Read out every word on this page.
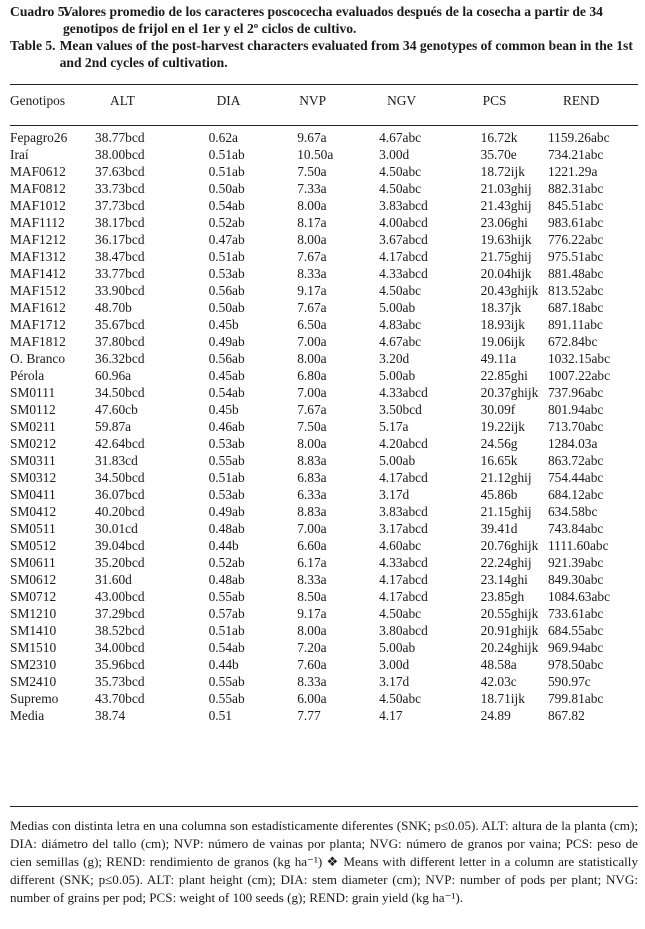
Cuadro 5.
Valores promedio de los caracteres poscocecha evaluados después de la cosecha a partir de 34 genotipos de frijol en el 1er y el 2º ciclos de cultivo.
Table 5. Mean values of the post-harvest characters evaluated from 34 genotypes of common bean in the 1st and 2nd cycles of cultivation.
Genotipos	ALT	DIA	NVP	NGV	PCS	REND
Fepagro26	38.77bcd	0.62a	9.67a	4.67abc	16.72k	1159.26abc
Iraí	38.00bcd	0.51ab	10.50a	3.00d	35.70e	734.21abc
MAF0612	37.63bcd	0.51ab	7.50a	4.50abc	18.72ijk	1221.29a
MAF0812	33.73bcd	0.50ab	7.33a	4.50abc	21.03ghij	882.31abc
MAF1012	37.73bcd	0.54ab	8.00a	3.83abcd	21.43ghij	845.51abc
MAF1112	38.17bcd	0.52ab	8.17a	4.00abcd	23.06ghi	983.61abc
MAF1212	36.17bcd	0.47ab	8.00a	3.67abcd	19.63hijk	776.22abc
MAF1312	38.47bcd	0.51ab	7.67a	4.17abcd	21.75ghij	975.51abc
MAF1412	33.77bcd	0.53ab	8.33a	4.33abcd	20.04hijk	881.48abc
MAF1512	33.90bcd	0.56ab	9.17a	4.50abc	20.43ghijk	813.52abc
MAF1612	48.70b	0.50ab	7.67a	5.00ab	18.37jk	687.18abc
MAF1712	35.67bcd	0.45b	6.50a	4.83abc	18.93ijk	891.11abc
MAF1812	37.80bcd	0.49ab	7.00a	4.67abc	19.06ijk	672.84bc
O. Branco	36.32bcd	0.56ab	8.00a	3.20d	49.11a	1032.15abc
Pérola	60.96a	0.45ab	6.80a	5.00ab	22.85ghi	1007.22abc
SM0111	34.50bcd	0.54ab	7.00a	4.33abcd	20.37ghijk	737.96abc
SM0112	47.60cb	0.45b	7.67a	3.50bcd	30.09f	801.94abc
SM0211	59.87a	0.46ab	7.50a	5.17a	19.22ijk	713.70abc
SM0212	42.64bcd	0.53ab	8.00a	4.20abcd	24.56g	1284.03a
SM0311	31.83cd	0.55ab	8.83a	5.00ab	16.65k	863.72abc
SM0312	34.50bcd	0.51ab	6.83a	4.17abcd	21.12ghij	754.44abc
SM0411	36.07bcd	0.53ab	6.33a	3.17d	45.86b	684.12abc
SM0412	40.20bcd	0.49ab	8.83a	3.83abcd	21.15ghij	634.58bc
SM0511	30.01cd	0.48ab	7.00a	3.17abcd	39.41d	743.84abc
SM0512	39.04bcd	0.44b	6.60a	4.60abc	20.76ghijk	1111.60abc
SM0611	35.20bcd	0.52ab	6.17a	4.33abcd	22.24ghij	921.39abc
SM0612	31.60d	0.48ab	8.33a	4.17abcd	23.14ghi	849.30abc
SM0712	43.00bcd	0.55ab	8.50a	4.17abcd	23.85gh	1084.63abc
SM1210	37.29bcd	0.57ab	9.17a	4.50abc	20.55ghijk	733.61abc
SM1410	38.52bcd	0.51ab	8.00a	3.80abcd	20.91ghijk	684.55abc
SM1510	34.00bcd	0.54ab	7.20a	5.00ab	20.24ghijk	969.94abc
SM2310	35.96bcd	0.44b	7.60a	3.00d	48.58a	978.50abc
SM2410	35.73bcd	0.55ab	8.33a	3.17d	42.03c	590.97c
Supremo	43.70bcd	0.55ab	6.00a	4.50abc	18.71ijk	799.81abc
Media	38.74	0.51	7.77	4.17	24.89	867.82
Medias con distinta letra en una columna son estadísticamente diferentes (SNK; p≤0.05). ALT: altura de la planta (cm); DIA: diámetro del tallo (cm); NVP: número de vainas por planta; NVG: número de granos por vaina; PCS: peso de cien semillas (g); REND: rendimiento de granos (kg ha⁻¹) ❖ Means with different letter in a column are statistically different (SNK; p≤0.05). ALT: plant height (cm); DIA: stem diameter (cm); NVP: number of pods per plant; NVG: number of grains per pod; PCS: weight of 100 seeds (g); REND: grain yield (kg ha⁻¹).
